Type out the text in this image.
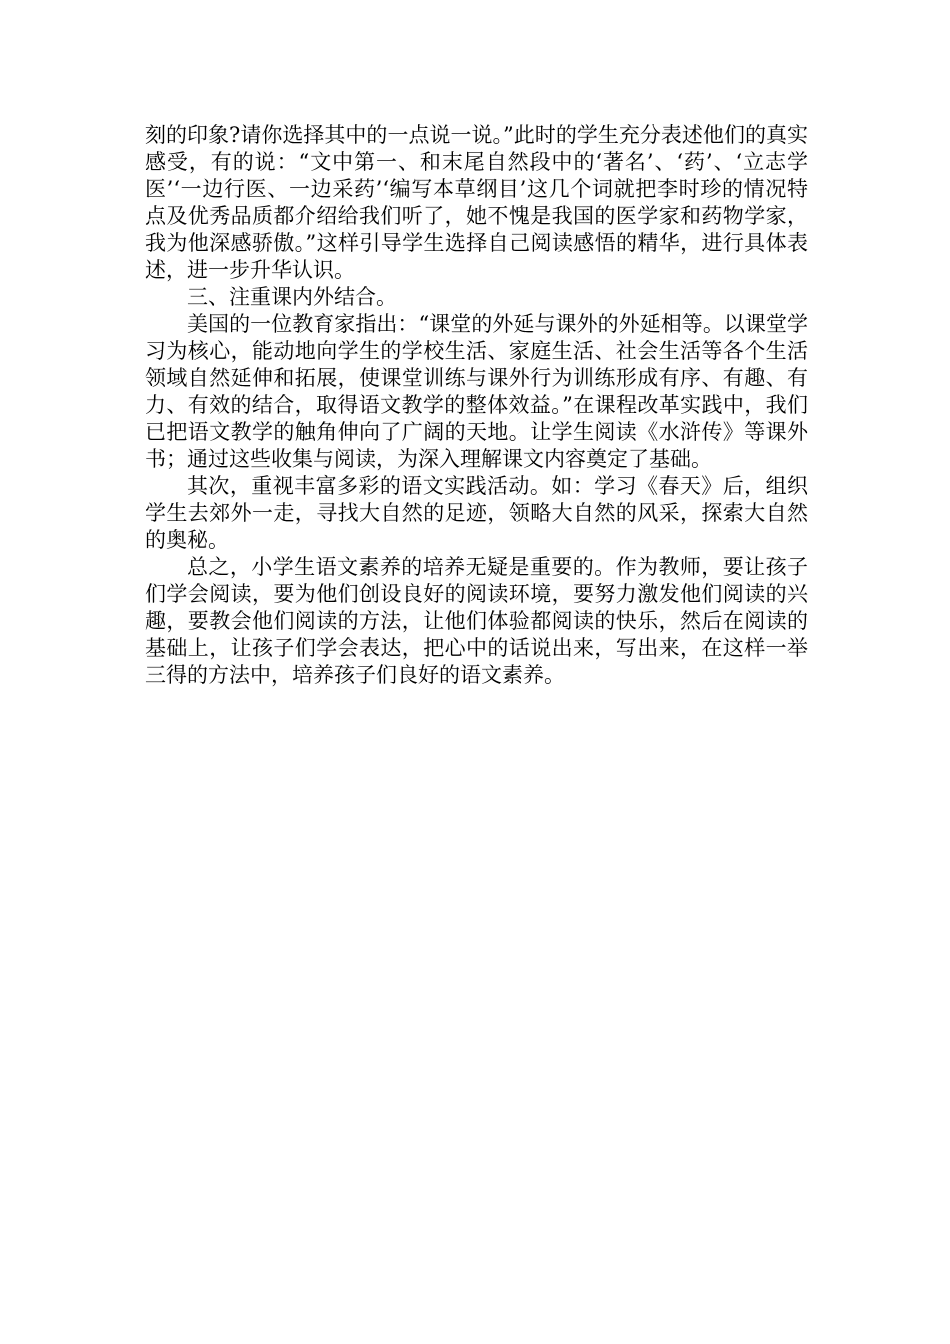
刻的印象?请你选择其中的一点说一说。”此时的学生充分表述他们的真实感受，有的说：“文中第一、和末尾自然段中的‘著名’、‘药’、‘立志学医’‘一边行医、一边采药’‘编写本草纲目’这几个词就把李时珍的情况特点及优秀品质都介绍给我们听了，她不愧是我国的医学家和药物学家，我为他深感骄傲。”这样引导学生选择自己阅读感悟的精华，进行具体表述，进一步升华认识。

三、注重课内外结合。

美国的一位教育家指出：“课堂的外延与课外的外延相等。以课堂学习为核心，能动地向学生的学校生活、家庭生活、社会生活等各个生活领域自然延伸和拓展，使课堂训练与课外行为训练形成有序、有趣、有力、有效的结合，取得语文教学的整体效益。”在课程改革实践中，我们已把语文教学的触角伸向了广阔的天地。让学生阅读《水浒传》等课外书；通过这些收集与阅读，为深入理解课文内容奠定了基础。

其次，重视丰富多彩的语文实践活动。如：学习《春天》后，组织学生去郊外一走，寻找大自然的足迹，领略大自然的风采，探索大自然的奥秘。

总之，小学生语文素养的培养无疑是重要的。作为教师，要让孩子们学会阅读，要为他们创设良好的阅读环境，要努力激发他们阅读的兴趣，要教会他们阅读的方法，让他们体验都阅读的快乐，然后在阅读的基础上，让孩子们学会表达，把心中的话说出来，写出来，在这样一举三得的方法中，培养孩子们良好的语文素养。
